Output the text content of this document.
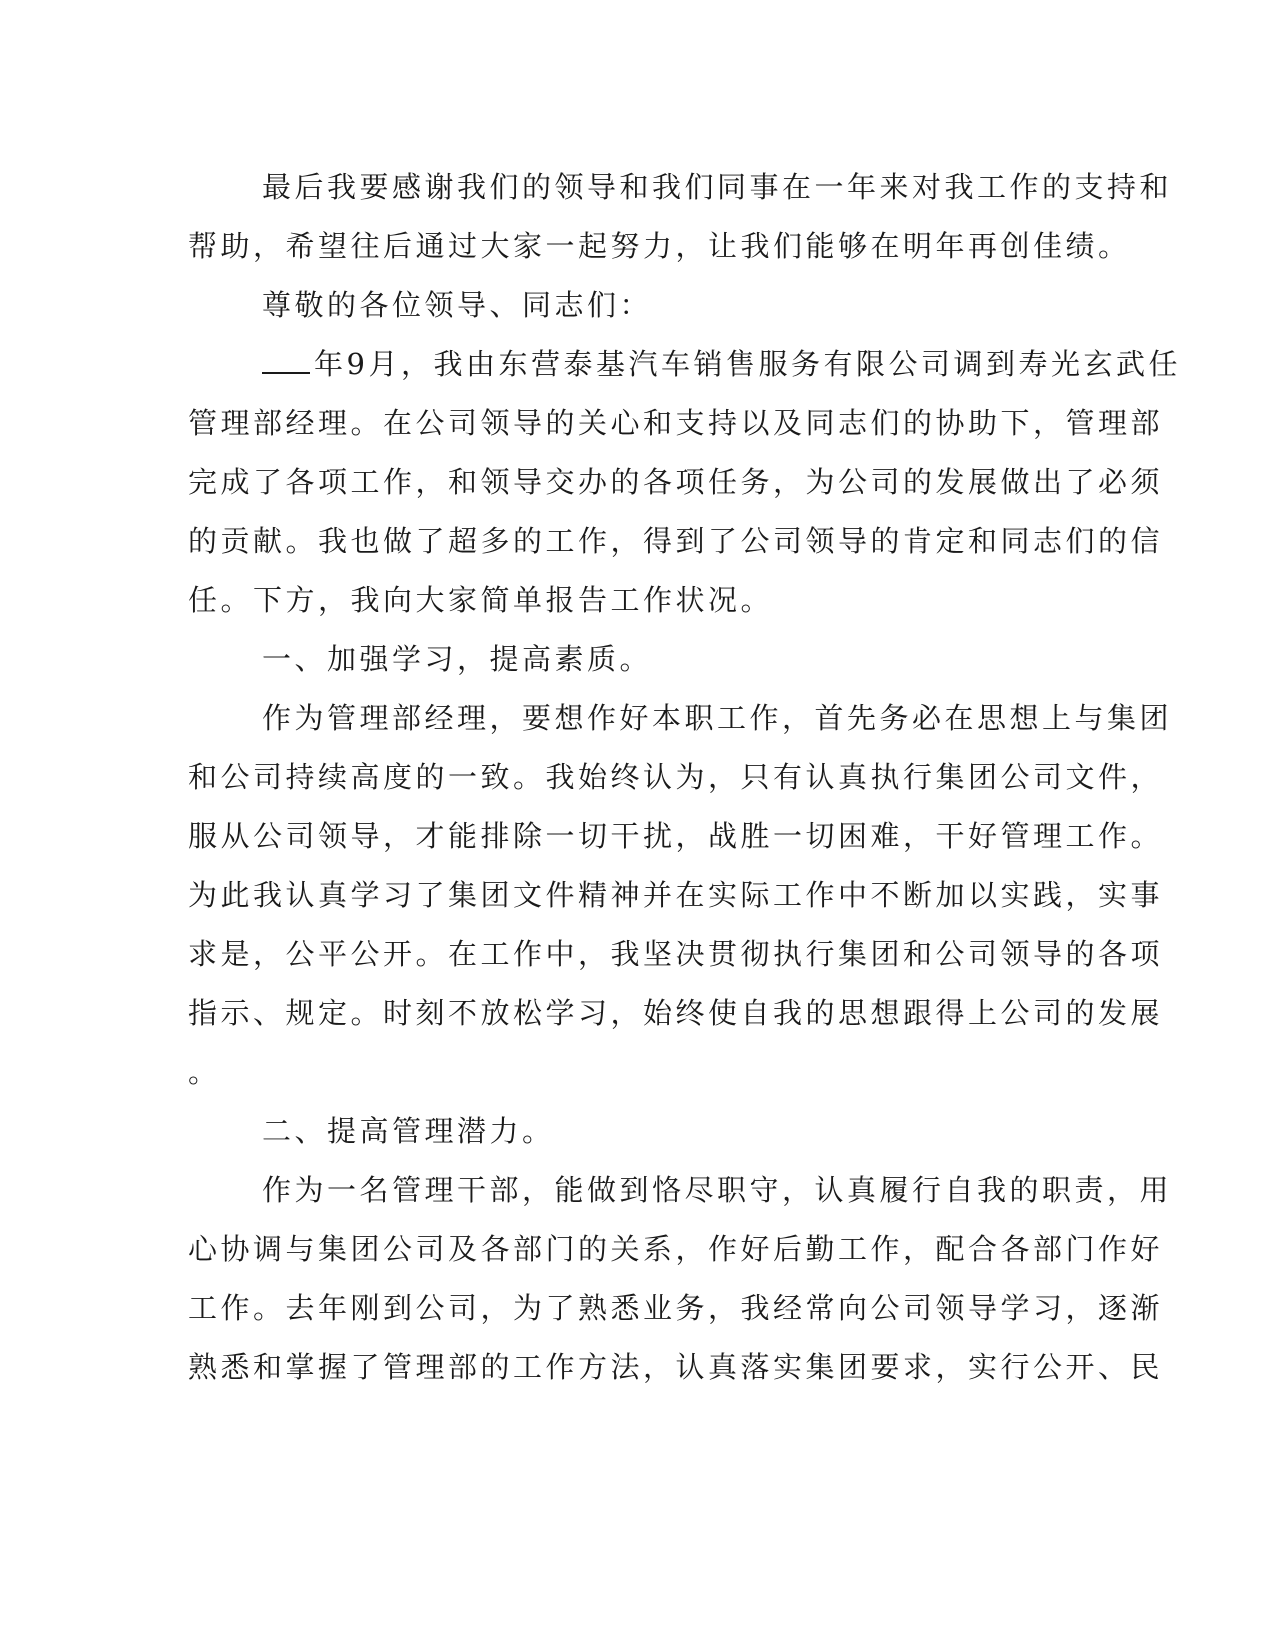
最后我要感谢我们的领导和我们同事在一年来对我工作的支持和
帮助，希望往后通过大家一起努力，让我们能够在明年再创佳绩。
尊敬的各位领导、同志们：
年9月，我由东营泰基汽车销售服务有限公司调到寿光玄武任
管理部经理。在公司领导的关心和支持以及同志们的协助下，管理部
完成了各项工作，和领导交办的各项任务，为公司的发展做出了必须
的贡献。我也做了超多的工作，得到了公司领导的肯定和同志们的信
任。下方，我向大家简单报告工作状况。
一、加强学习，提高素质。
作为管理部经理，要想作好本职工作，首先务必在思想上与集团
和公司持续高度的一致。我始终认为，只有认真执行集团公司文件，
服从公司领导，才能排除一切干扰，战胜一切困难，干好管理工作。
为此我认真学习了集团文件精神并在实际工作中不断加以实践，实事
求是，公平公开。在工作中，我坚决贯彻执行集团和公司领导的各项
指示、规定。时刻不放松学习，始终使自我的思想跟得上公司的发展
。
二、提高管理潜力。
作为一名管理干部，能做到恪尽职守，认真履行自我的职责，用
心协调与集团公司及各部门的关系，作好后勤工作，配合各部门作好
工作。去年刚到公司，为了熟悉业务，我经常向公司领导学习，逐渐
熟悉和掌握了管理部的工作方法，认真落实集团要求，实行公开、民
